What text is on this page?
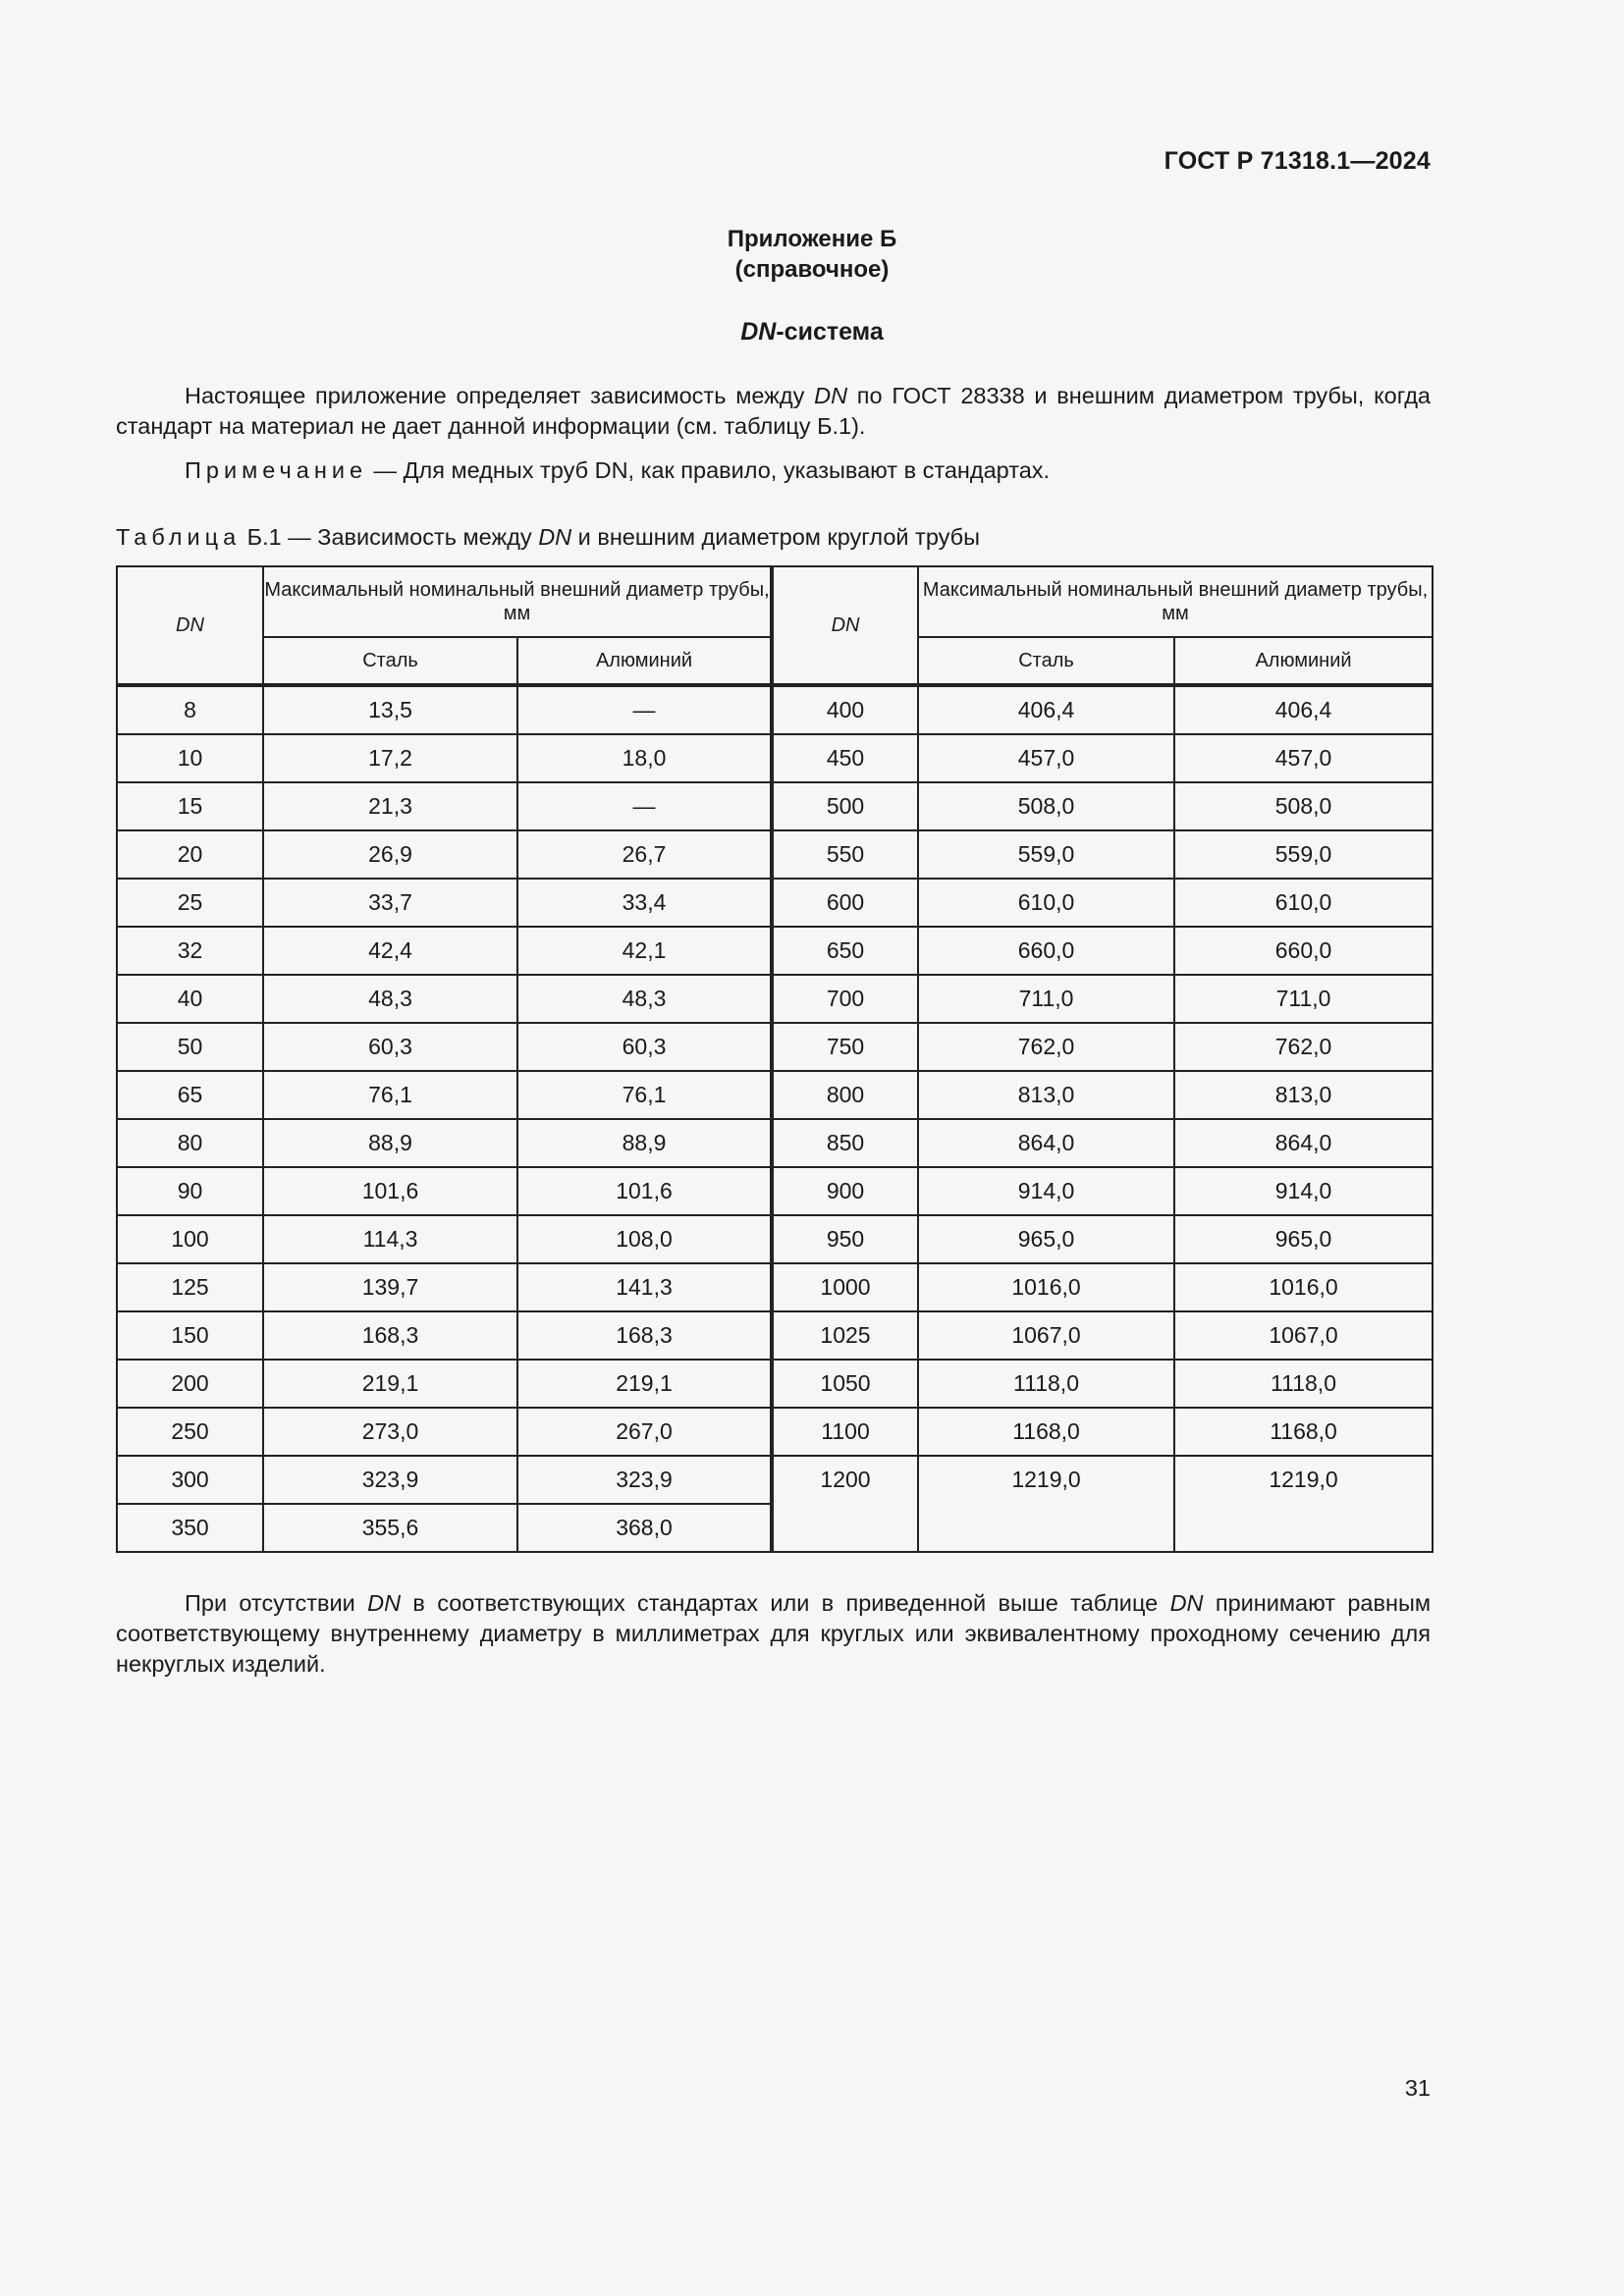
ГОСТ Р 71318.1—2024
Приложение Б
(справочное)
DN-система
Настоящее приложение определяет зависимость между DN по ГОСТ 28338 и внешним диаметром трубы, когда стандарт на материал не дает данной информации (см. таблицу Б.1).
Примечание — Для медных труб DN, как правило, указывают в стандартах.
Таблица Б.1 — Зависимость между DN и внешним диаметром круглой трубы
DN	Максимальный номинальный внешний диаметр трубы, мм		DN	Максимальный номинальный внешний диаметр трубы, мм	
	Сталь	Алюминий		Сталь	Алюминий
8	13,5	—	400	406,4	406,4
10	17,2	18,0	450	457,0	457,0
15	21,3	—	500	508,0	508,0
20	26,9	26,7	550	559,0	559,0
25	33,7	33,4	600	610,0	610,0
32	42,4	42,1	650	660,0	660,0
40	48,3	48,3	700	711,0	711,0
50	60,3	60,3	750	762,0	762,0
65	76,1	76,1	800	813,0	813,0
80	88,9	88,9	850	864,0	864,0
90	101,6	101,6	900	914,0	914,0
100	114,3	108,0	950	965,0	965,0
125	139,7	141,3	1000	1016,0	1016,0
150	168,3	168,3	1025	1067,0	1067,0
200	219,1	219,1	1050	1118,0	1118,0
250	273,0	267,0	1100	1168,0	1168,0
300	323,9	323,9	1200	1219,0	1219,0
350	355,6	368,0			
При отсутствии DN в соответствующих стандартах или в приведенной выше таблице DN принимают равным соответствующему внутреннему диаметру в миллиметрах для круглых или эквивалентному проходному сечению для некруглых изделий.
31
